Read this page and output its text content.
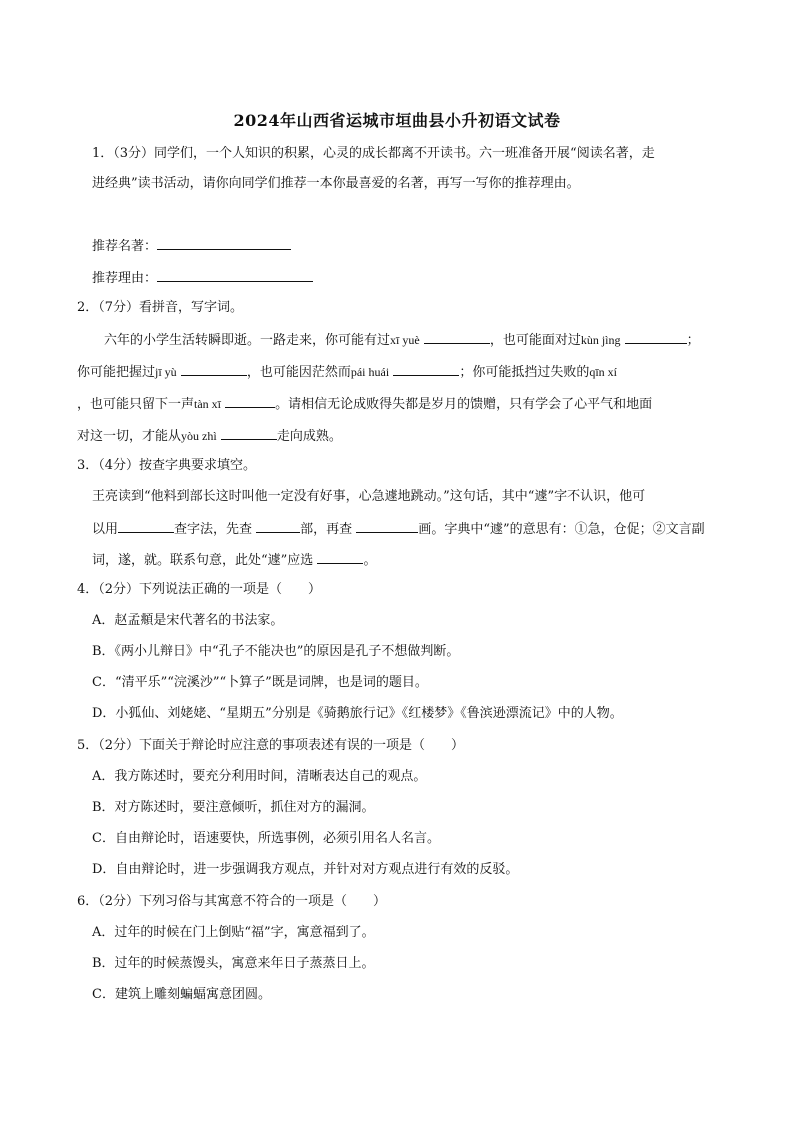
2024年山西省运城市垣曲县小升初语文试卷
1．（3分）同学们，一个人知识的积累，心灵的成长都离不开读书。六一班准备开展“阅读名著，走
进经典”读书活动，请你向同学们推荐一本你最喜爱的名著，再写一写你的推荐理由。
推荐名著：
推荐理由：
2．（7分）看拼音，写字词。
六年的小学生活转瞬即逝。一路走来，你可能有过xī yuè	，也可能面对过kùn jìng	；
你可能把握过jī yù	，也可能因茫然而pái huái	；你可能抵挡过失败的qīn xí
，也可能只留下一声tàn xī	。请相信无论成败得失都是岁月的馈赠，只有学会了心平气和地面
对这一切，才能从yòu zhì	走向成熟。
3．（4分）按查字典要求填空。
王亮读到“他料到部长这时叫他一定没有好事，心急遽地跳动。”这句话，其中“遽”字不认识，他可
以用	查字法，先查	部，再查	画。字典中“遽”的意思有：①急，仓促；②文言副
词，遂，就。联系句意，此处“遽”应选	。
4．（2分）下列说法正确的一项是（　　）
A．赵孟頫是宋代著名的书法家。
B．《两小儿辩日》中“孔子不能决也”的原因是孔子不想做判断。
C．“清平乐”“浣溪沙”“卜算子”既是词牌，也是词的题目。
D．小狐仙、刘姥姥、“星期五”分别是《骑鹅旅行记》《红楼梦》《鲁滨逊漂流记》中的人物。
5．（2分）下面关于辩论时应注意的事项表述有误的一项是（　　）
A．我方陈述时，要充分利用时间，清晰表达自己的观点。
B．对方陈述时，要注意倾听，抓住对方的漏洞。
C．自由辩论时，语速要快，所选事例，必须引用名人名言。
D．自由辩论时，进一步强调我方观点，并针对对方观点进行有效的反驳。
6．（2分）下列习俗与其寓意不符合的一项是（　　）
A．过年的时候在门上倒贴“福”字，寓意福到了。
B．过年的时候蒸馒头，寓意来年日子蒸蒸日上。
C．建筑上雕刻蝙蝠寓意团圆。
